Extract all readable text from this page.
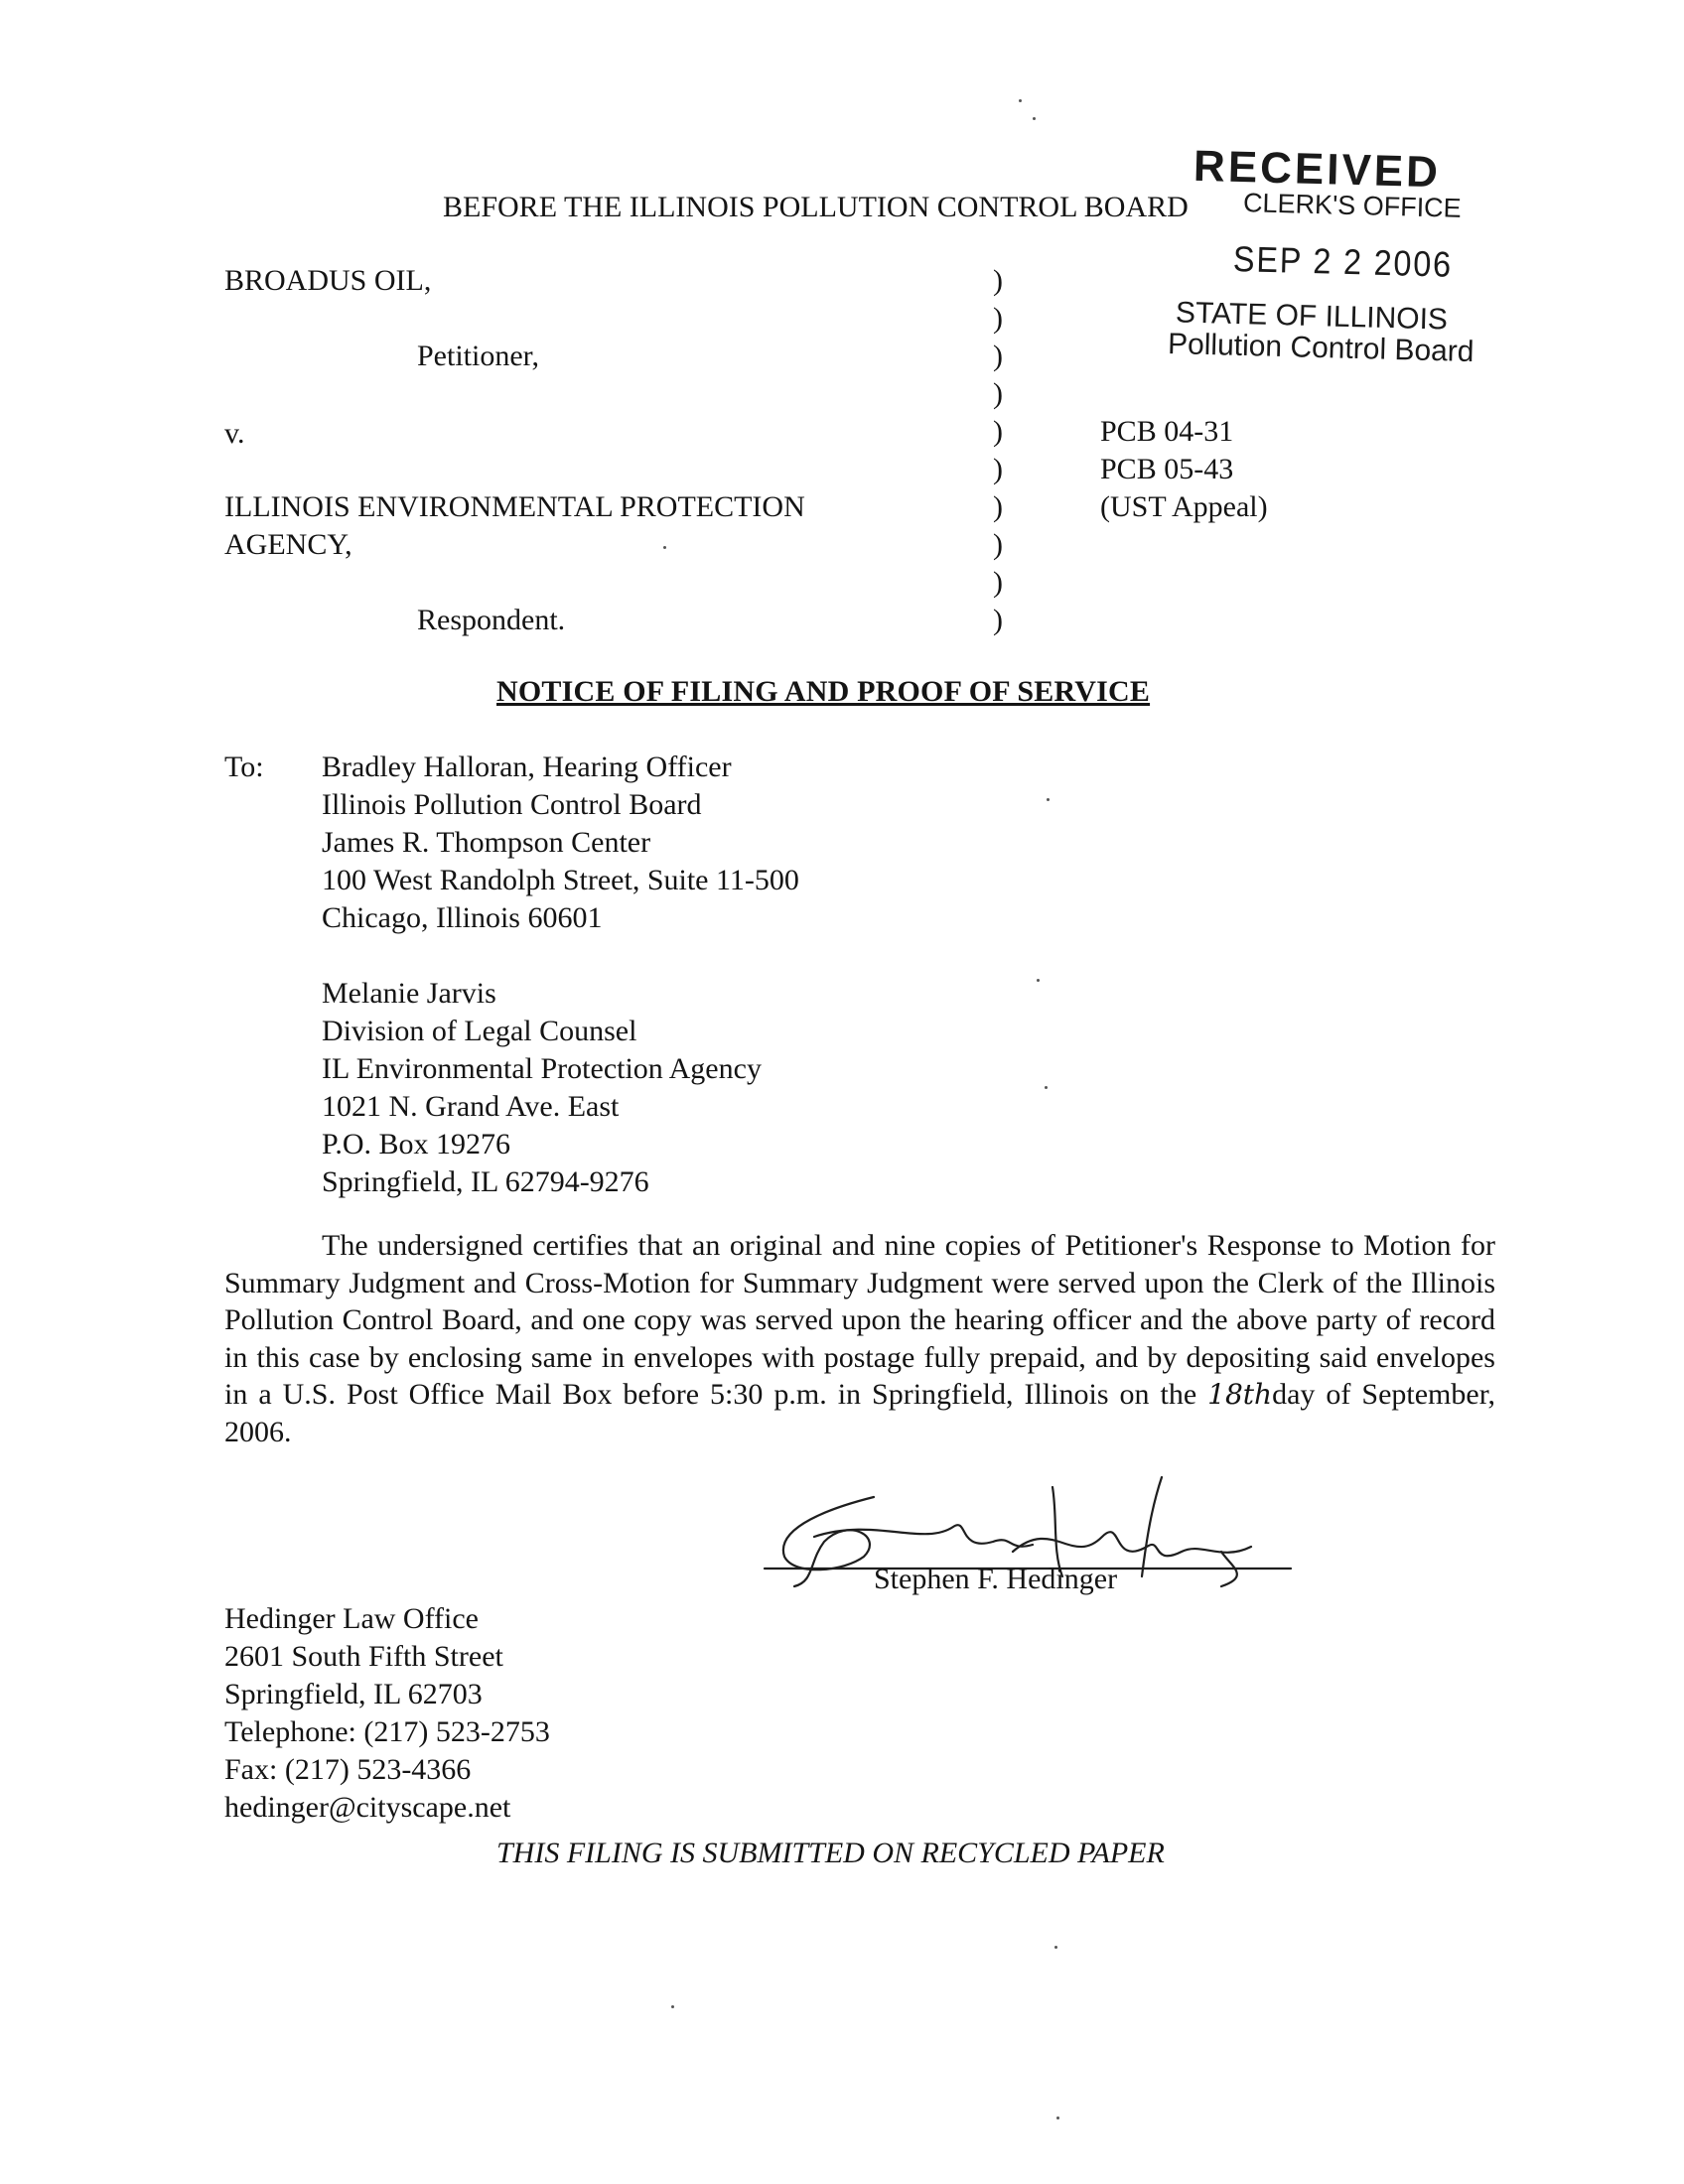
RECEIVED
CLERK'S OFFICE
SEP 2 2 2006
STATE OF ILLINOIS
Pollution Control Board
BEFORE THE ILLINOIS POLLUTION CONTROL BOARD
BROADUS OIL,
Petitioner,
v.
ILLINOIS ENVIRONMENTAL PROTECTION
AGENCY,
Respondent.
)
)
)
)
)
)
)
)
)
)
PCB 04-31
PCB 05-43
(UST Appeal)
NOTICE OF FILING AND PROOF OF SERVICE
To: Bradley Halloran, Hearing Officer
Illinois Pollution Control Board
James R. Thompson Center
100 West Randolph Street, Suite 11-500
Chicago, Illinois 60601
Melanie Jarvis
Division of Legal Counsel
IL Environmental Protection Agency
1021 N. Grand Ave. East
P.O. Box 19276
Springfield, IL 62794-9276

The undersigned certifies that an original and nine copies of Petitioner's Response to Motion for Summary Judgment and Cross-Motion for Summary Judgment were served upon the Clerk of the Illinois Pollution Control Board, and one copy was served upon the hearing officer and the above party of record in this case by enclosing same in envelopes with postage fully prepaid, and by depositing said envelopes in a U.S. Post Office Mail Box before 5:30 p.m. in Springfield, Illinois on the 18thday of September, 2006.

Stephen F. Hedinger
Hedinger Law Office
2601 South Fifth Street
Springfield, IL 62703
Telephone: (217) 523-2753
Fax: (217) 523-4366
hedinger@cityscape.net
THIS FILING IS SUBMITTED ON RECYCLED PAPER
